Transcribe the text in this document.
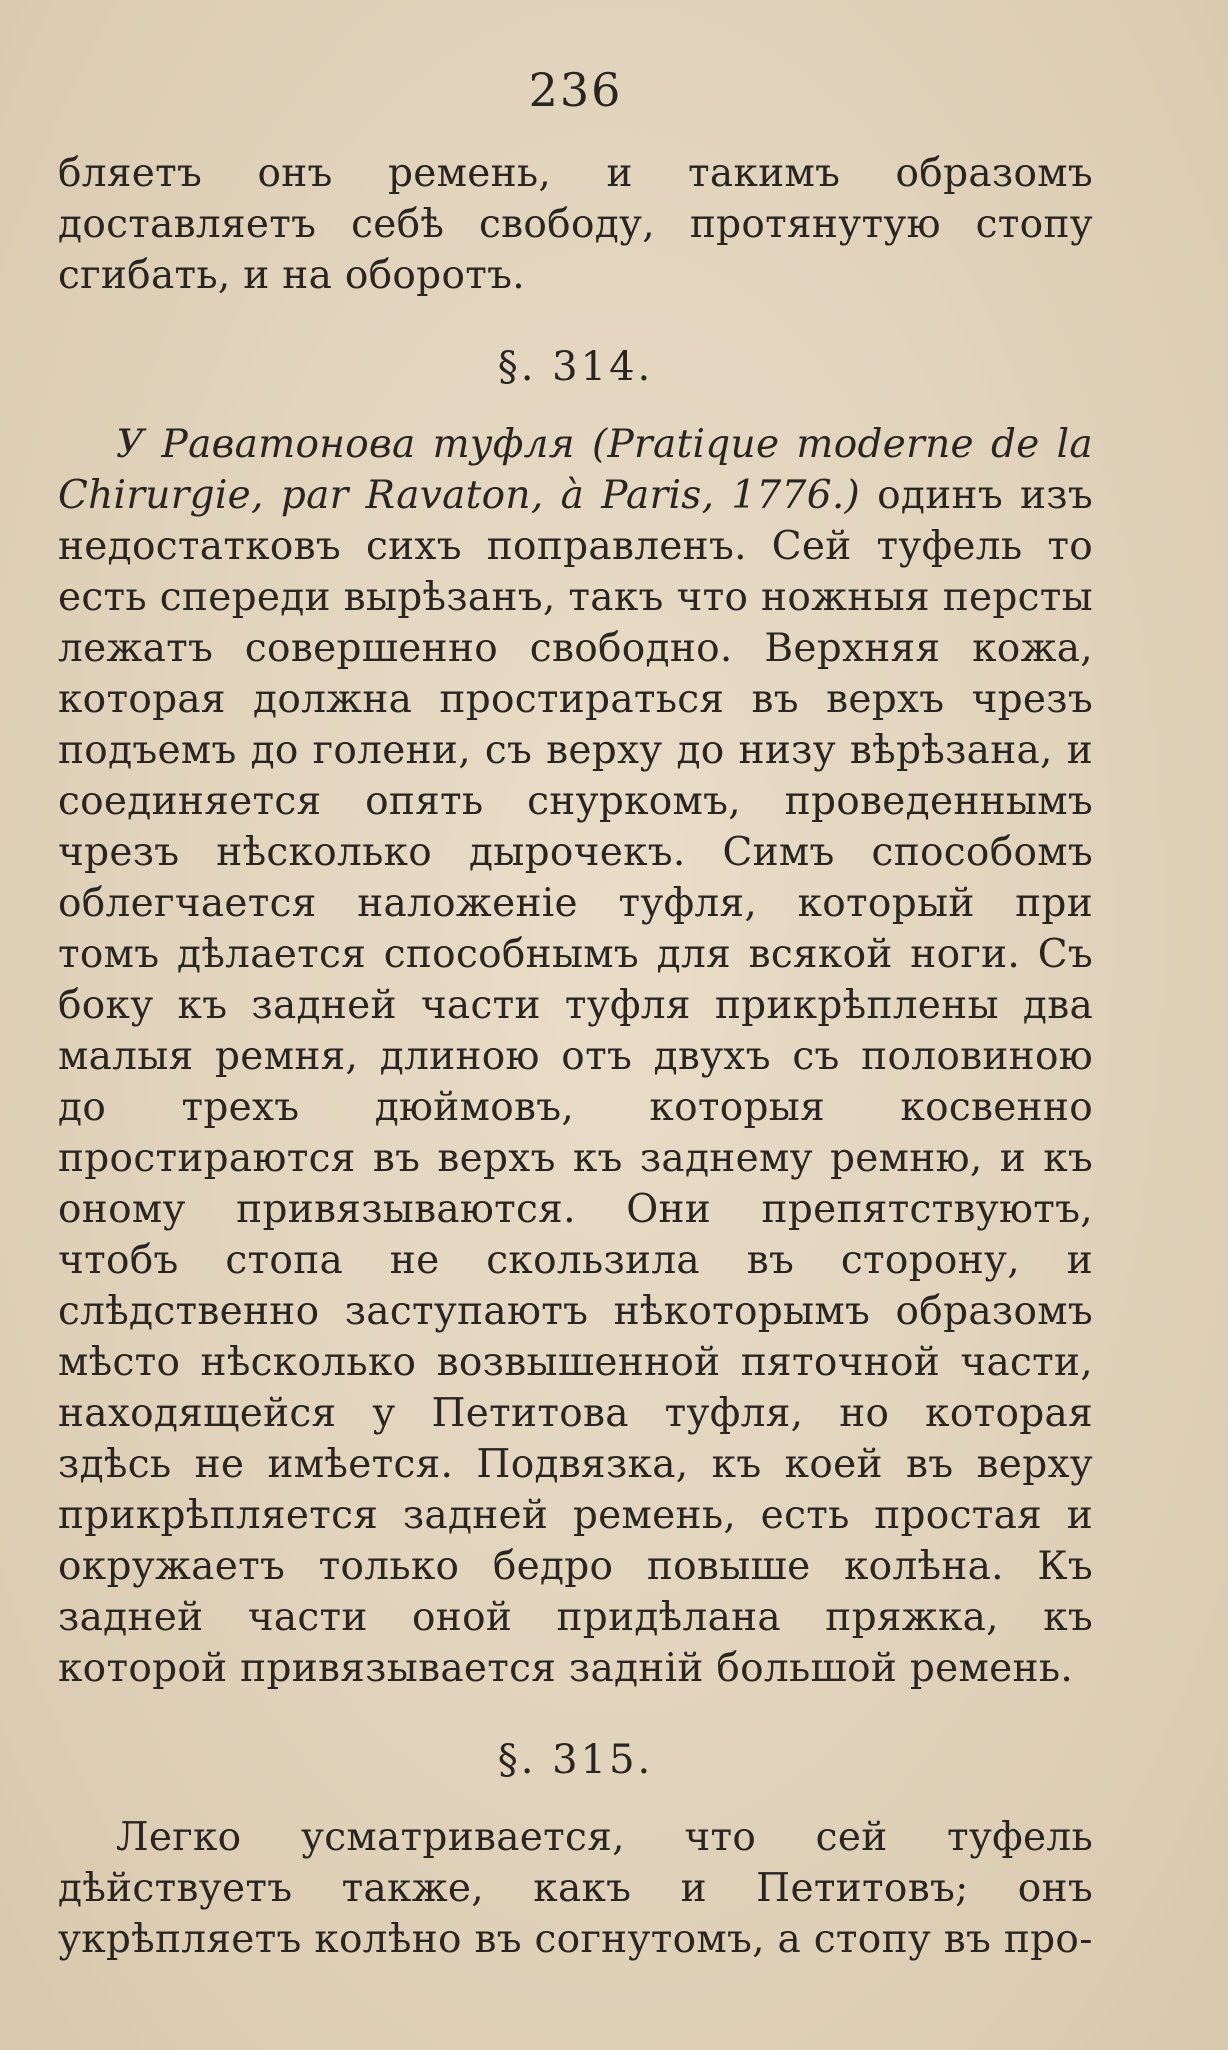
236

бляетъ онъ ремень, и такимъ образомъ доставляетъ себѣ свободу, протянутую стопу сгибать, и на оборотъ.

§. 314.

У Раватонова туфля (Pratique moderne de la Chirurgie, par Ravaton, à Paris, 1776.) одинъ изъ недостатковъ сихъ поправленъ. Сей туфель то есть спереди вырѣзанъ, такъ что ножныя персты лежатъ совершенно свободно. Верхняя кожа, которая должна простираться въ верхъ чрезъ подъемъ до голени, съ верху до низу вѣрѣзана, и соединяется опять снуркомъ, проведеннымъ чрезъ нѣсколько дырочекъ. Симъ способомъ облегчается наложеніе туфля, который при томъ дѣлается способнымъ для всякой ноги. Съ боку къ задней части туфля прикрѣплены два малыя ремня, длиною отъ двухъ съ половиною до трехъ дюймовъ, которыя косвенно простираются въ верхъ къ заднему ремню, и къ оному привязываются. Они препятствуютъ, чтобъ стопа не скользила въ сторону, и слѣдственно заступаютъ нѣкоторымъ образомъ мѣсто нѣсколько возвышенной пяточной части, находящейся у Петитова туфля, но которая здѣсь не имѣется. Подвязка, къ коей въ верху прикрѣпляется задней ремень, есть простая и окружаетъ только бедро повыше колѣна. Къ задней части оной придѣлана пряжка, къ которой привязывается задній большой ремень.

§. 315.

Легко усматривается, что сей туфель дѣйствуетъ также, какъ и Петитовъ; онъ укрѣпляетъ колѣно въ согнутомъ, а стопу въ про-
